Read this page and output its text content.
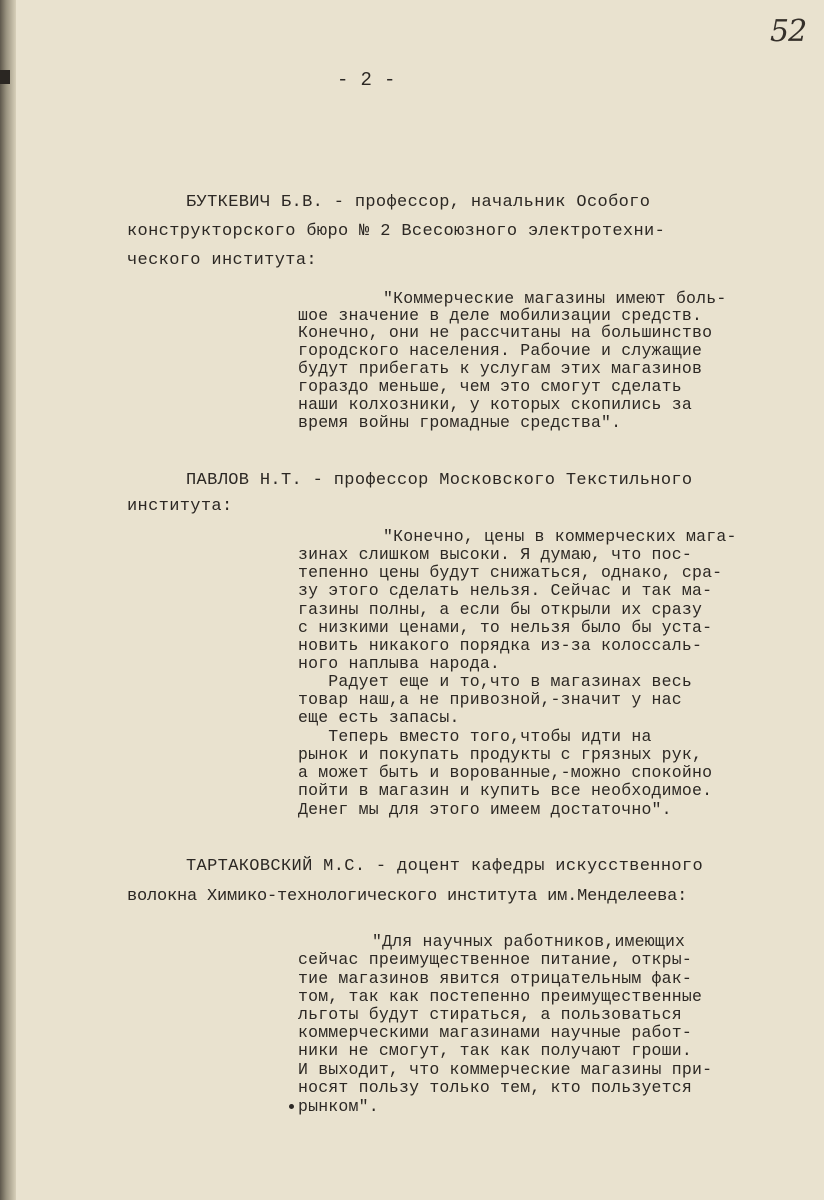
52
- 2 -
БУТКЕВИЧ Б.В. - профессор, начальник Особого
конструкторского бюро № 2 Всесоюзного электротехни-
ческого института:
"Коммерческие магазины имеют боль-
шое значение в деле мобилизации средств.
Конечно, они не рассчитаны на большинство
городского населения. Рабочие и служащие
будут прибегать к услугам этих магазинов
гораздо меньше, чем это смогут сделать
наши колхозники, у которых скопились за
время войны громадные средства".
ПАВЛОВ Н.Т. - профессор Московского Текстильного
института:
"Конечно, цены в коммерческих мага-
зинах слишком высоки. Я думаю, что пос-
тепенно цены будут снижаться, однако, сра-
зу этого сделать нельзя. Сейчас и так ма-
газины полны, а если бы открыли их сразу
с низкими ценами, то нельзя было бы уста-
новить никакого порядка из-за колоссаль-
ного наплыва народа.
Радует еще и то,что в магазинах весь
товар наш,а не привозной,-значит у нас
еще есть запасы.
Теперь вместо того,чтобы идти на
рынок и покупать продукты с грязных рук,
а может быть и ворованные,-можно спокойно
пойти в магазин и купить все необходимое.
Денег мы для этого имеем достаточно".
ТАРТАКОВСКИЙ М.С. - доцент кафедры искусственного
волокна Химико-технологического института им.Менделеева:
"Для научных работников,имеющих
сейчас преимущественное питание, откры-
тие магазинов явится отрицательным фак-
том, так как постепенно преимущественные
льготы будут стираться, а пользоваться
коммерческими магазинами научные работ-
ники не смогут, так как получают гроши.
И выходит, что коммерческие магазины при-
носят пользу только тем, кто пользуется
рынком".
